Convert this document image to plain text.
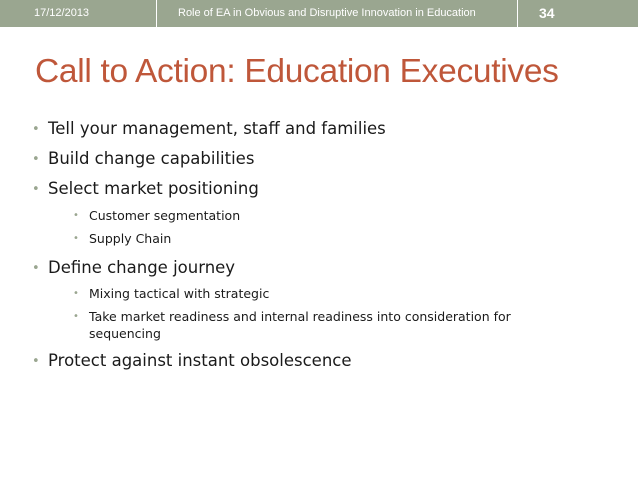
17/12/2013	Role of EA in Obvious and Disruptive Innovation in Education	34
Call to Action: Education Executives
• Tell your management, staff and families
• Build change capabilities
• Select market positioning
• Customer segmentation
• Supply Chain
• Define change journey
• Mixing tactical with strategic
• Take market readiness and internal readiness into consideration for sequencing
• Protect against instant obsolescence
